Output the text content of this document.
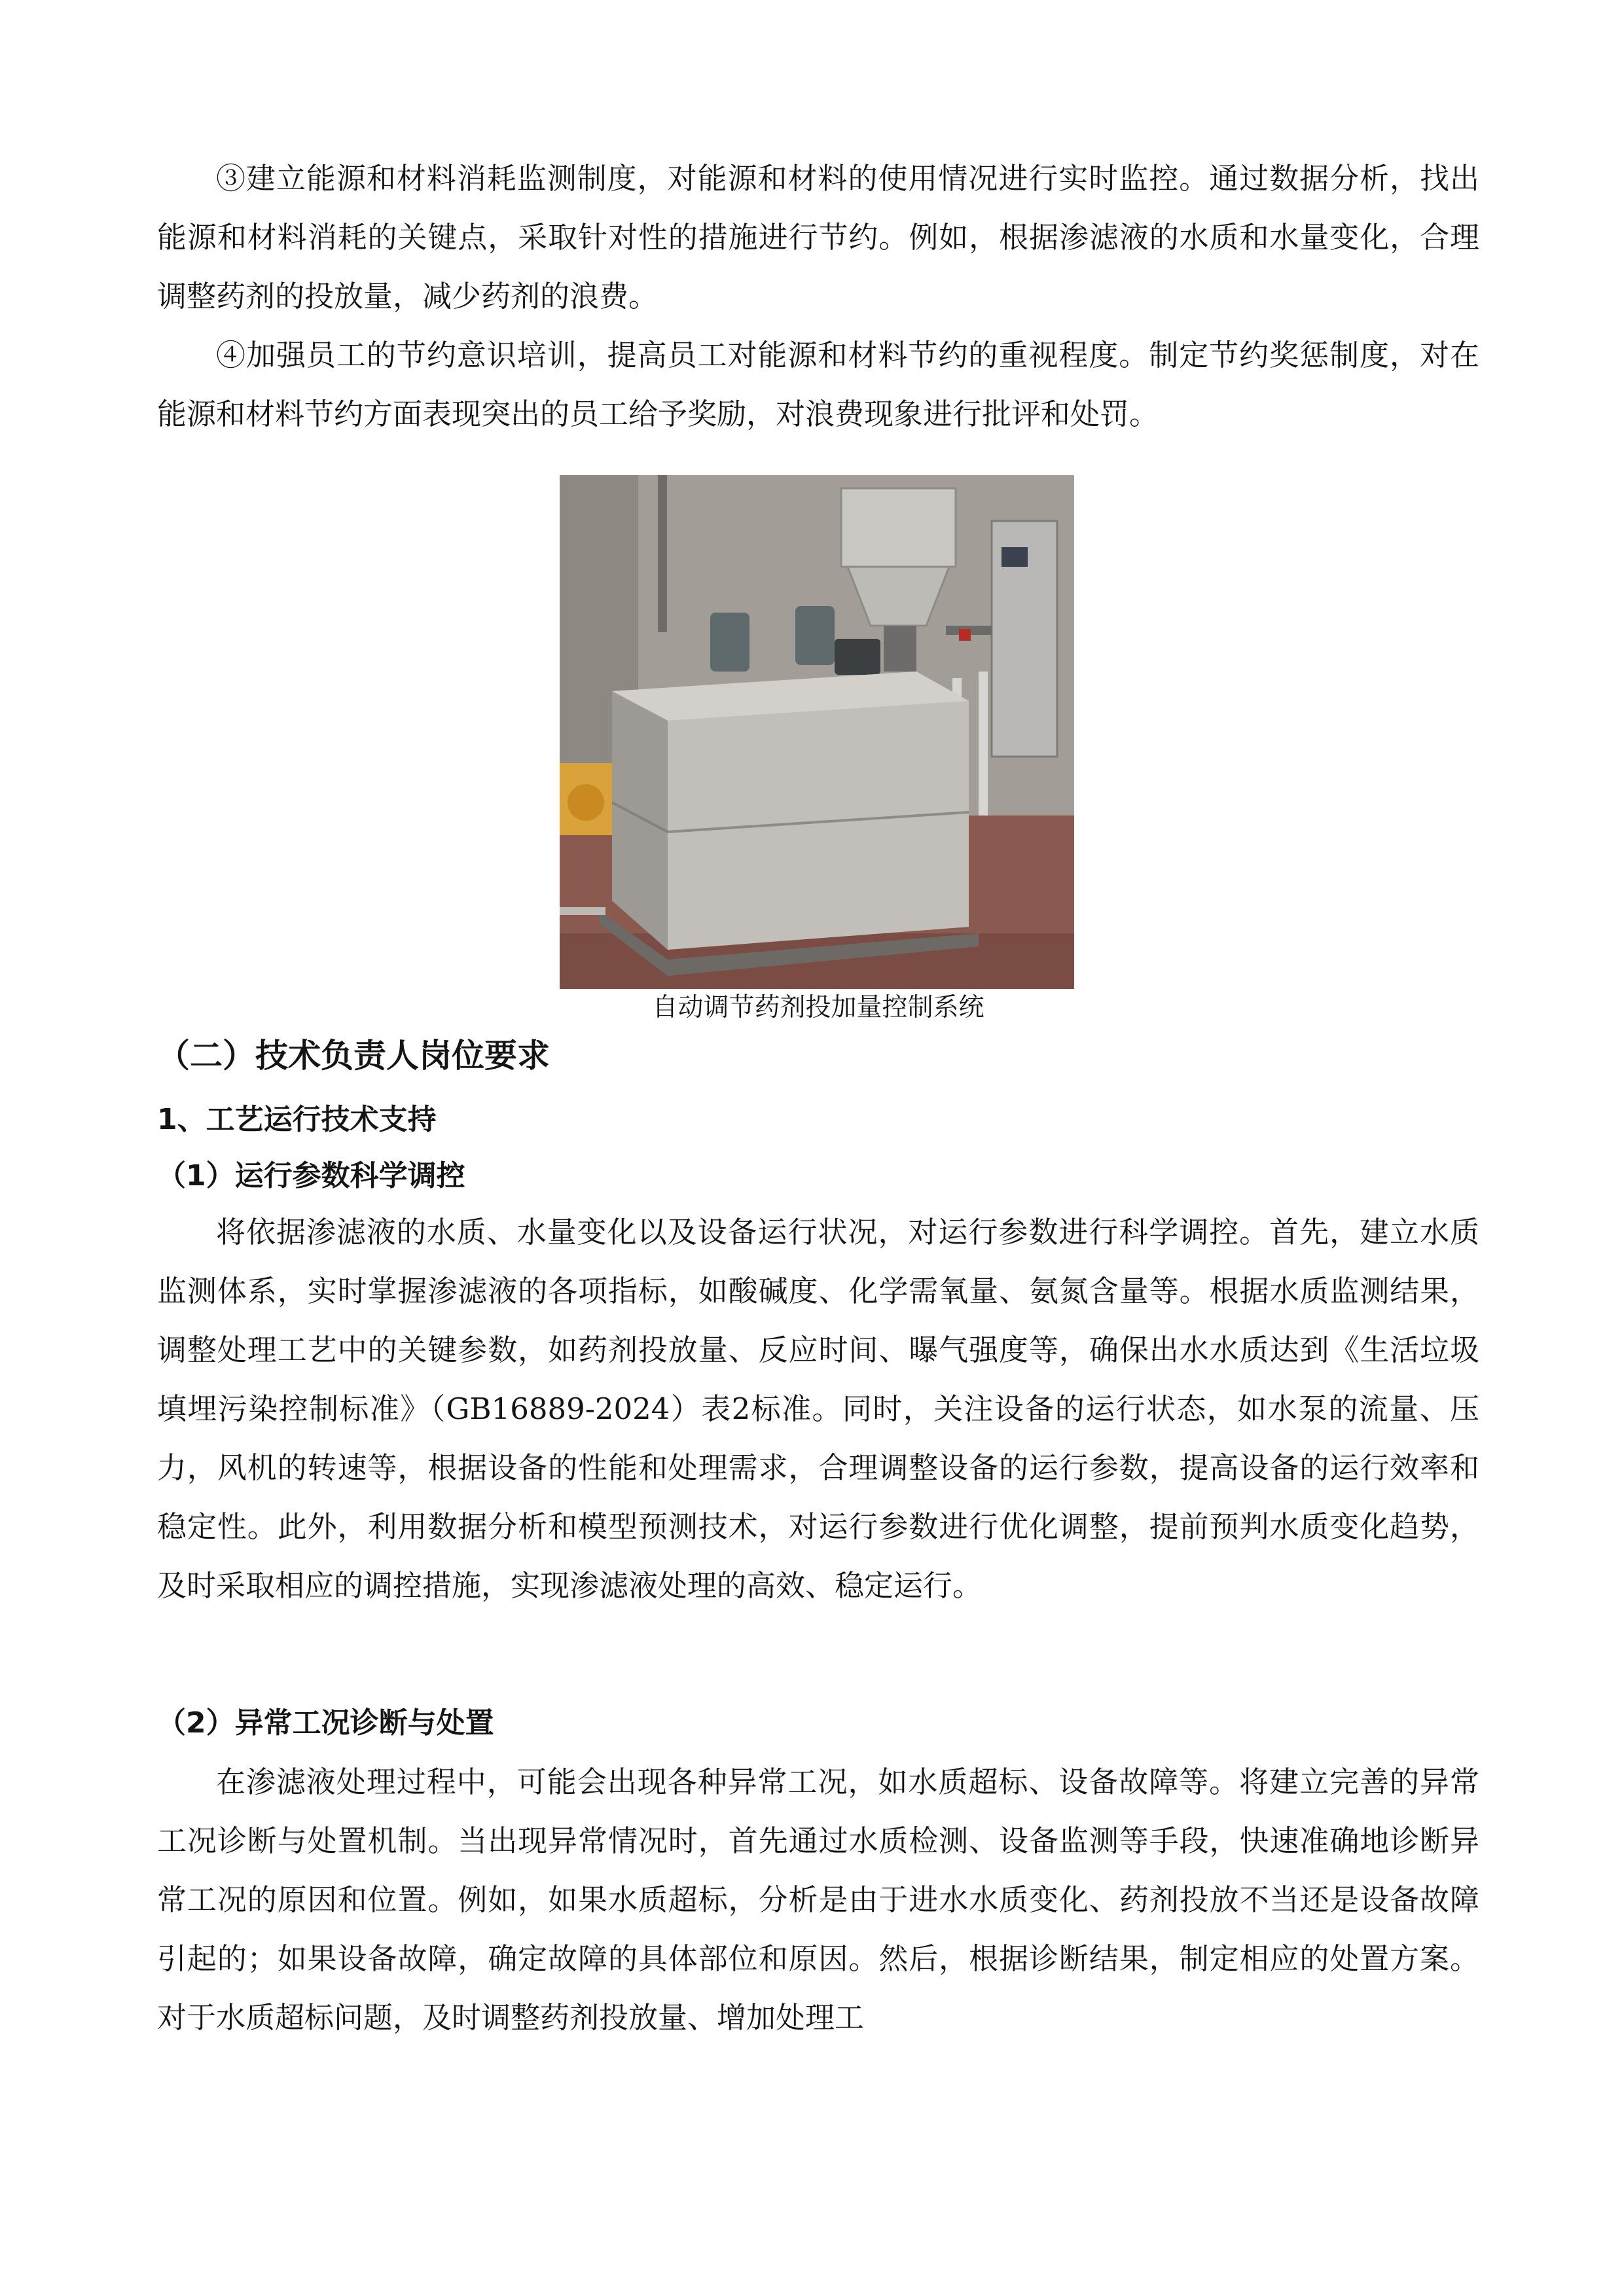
③建立能源和材料消耗监测制度，对能源和材料的使用情况进行实时监控。通过数据分析，找出能源和材料消耗的关键点，采取针对性的措施进行节约。例如，根据渗滤液的水质和水量变化，合理调整药剂的投放量，减少药剂的浪费。

④加强员工的节约意识培训，提高员工对能源和材料节约的重视程度。制定节约奖惩制度，对在能源和材料节约方面表现突出的员工给予奖励，对浪费现象进行批评和处罚。

自动调节药剂投加量控制系统
（二）技术负责人岗位要求
1、工艺运行技术支持
（1）运行参数科学调控

将依据渗滤液的水质、水量变化以及设备运行状况，对运行参数进行科学调控。首先，建立水质监测体系，实时掌握渗滤液的各项指标，如酸碱度、化学需氧量、氨氮含量等。根据水质监测结果，调整处理工艺中的关键参数，如药剂投放量、反应时间、曝气强度等，确保出水水质达到《生活垃圾填埋污染控制标准》（GB16889-2024）表2标准。同时，关注设备的运行状态，如水泵的流量、压力，风机的转速等，根据设备的性能和处理需求，合理调整设备的运行参数，提高设备的运行效率和稳定性。此外，利用数据分析和模型预测技术，对运行参数进行优化调整，提前预判水质变化趋势，及时采取相应的调控措施，实现渗滤液处理的高效、稳定运行。

（2）异常工况诊断与处置

在渗滤液处理过程中，可能会出现各种异常工况，如水质超标、设备故障等。将建立完善的异常工况诊断与处置机制。当出现异常情况时，首先通过水质检测、设备监测等手段，快速准确地诊断异常工况的原因和位置。例如，如果水质超标，分析是由于进水水质变化、药剂投放不当还是设备故障引起的；如果设备故障，确定故障的具体部位和原因。然后，根据诊断结果，制定相应的处置方案。对于水质超标问题，及时调整药剂投放量、增加处理工
